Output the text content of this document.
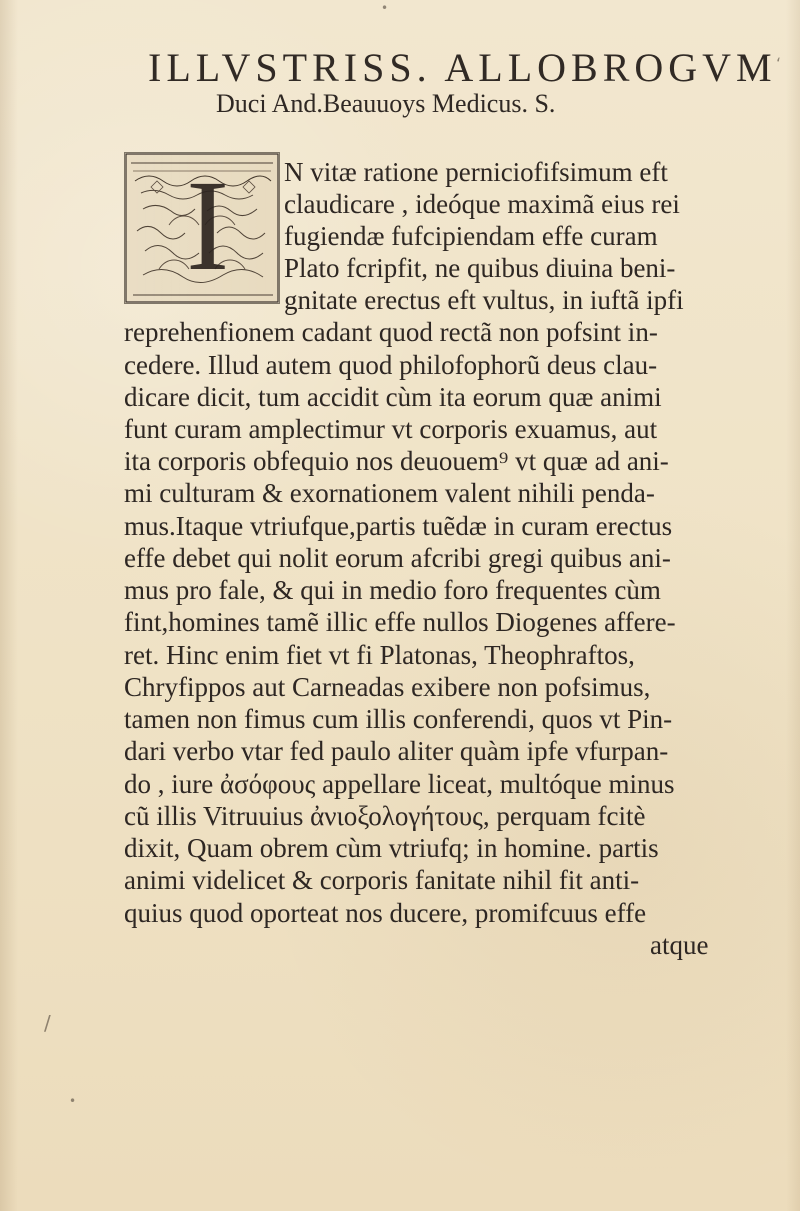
ILLVSTRISS. ALLOBROGVM
Duci And.Beauuoys Medicus. S.
I N vitæ ratione perniciofifsimum eft
claudicare , ideóque maximã eius rei
fugiendæ fufcipiendam effe curam
Plato fcripfit, ne quibus diuina beni-
gnitate erectus eft vultus, in iuftã ipfi
reprehenfionem cadant quod rectã non pofsint in-
cedere. Illud autem quod philofophorũ deus clau-
dicare dicit, tum accidit cùm ita eorum quæ animi
funt curam amplectimur vt corporis exuamus, aut
ita corporis obfequio nos deuouem⁹ vt quæ ad ani-
mi culturam & exornationem valent nihili penda-
mus.Itaque vtriufque,partis tuẽdæ in curam erectus
effe debet qui nolit eorum afcribi gregi quibus ani-
mus pro fale, & qui in medio foro frequentes cùm
fint,homines tamẽ illic effe nullos Diogenes affere-
ret. Hinc enim fiet vt fi Platonas, Theophraftos,
Chryfippos aut Carneadas exibere non pofsimus,
tamen non fimus cum illis conferendi, quos vt Pin-
dari verbo vtar fed paulo aliter quàm ipfe vfurpan-
do , iure ἀσόφους appellare liceat, multóque minus
cũ illis Vitruuius ἀνιοξολογήτους, perquam fcitè
dixit, Quam obrem cùm vtriufq; in homine. partis
animi videlicet & corporis fanitate nihil fit anti-
quius quod oporteat nos ducere, promifcuus effe
atque
•
‘
/
•
